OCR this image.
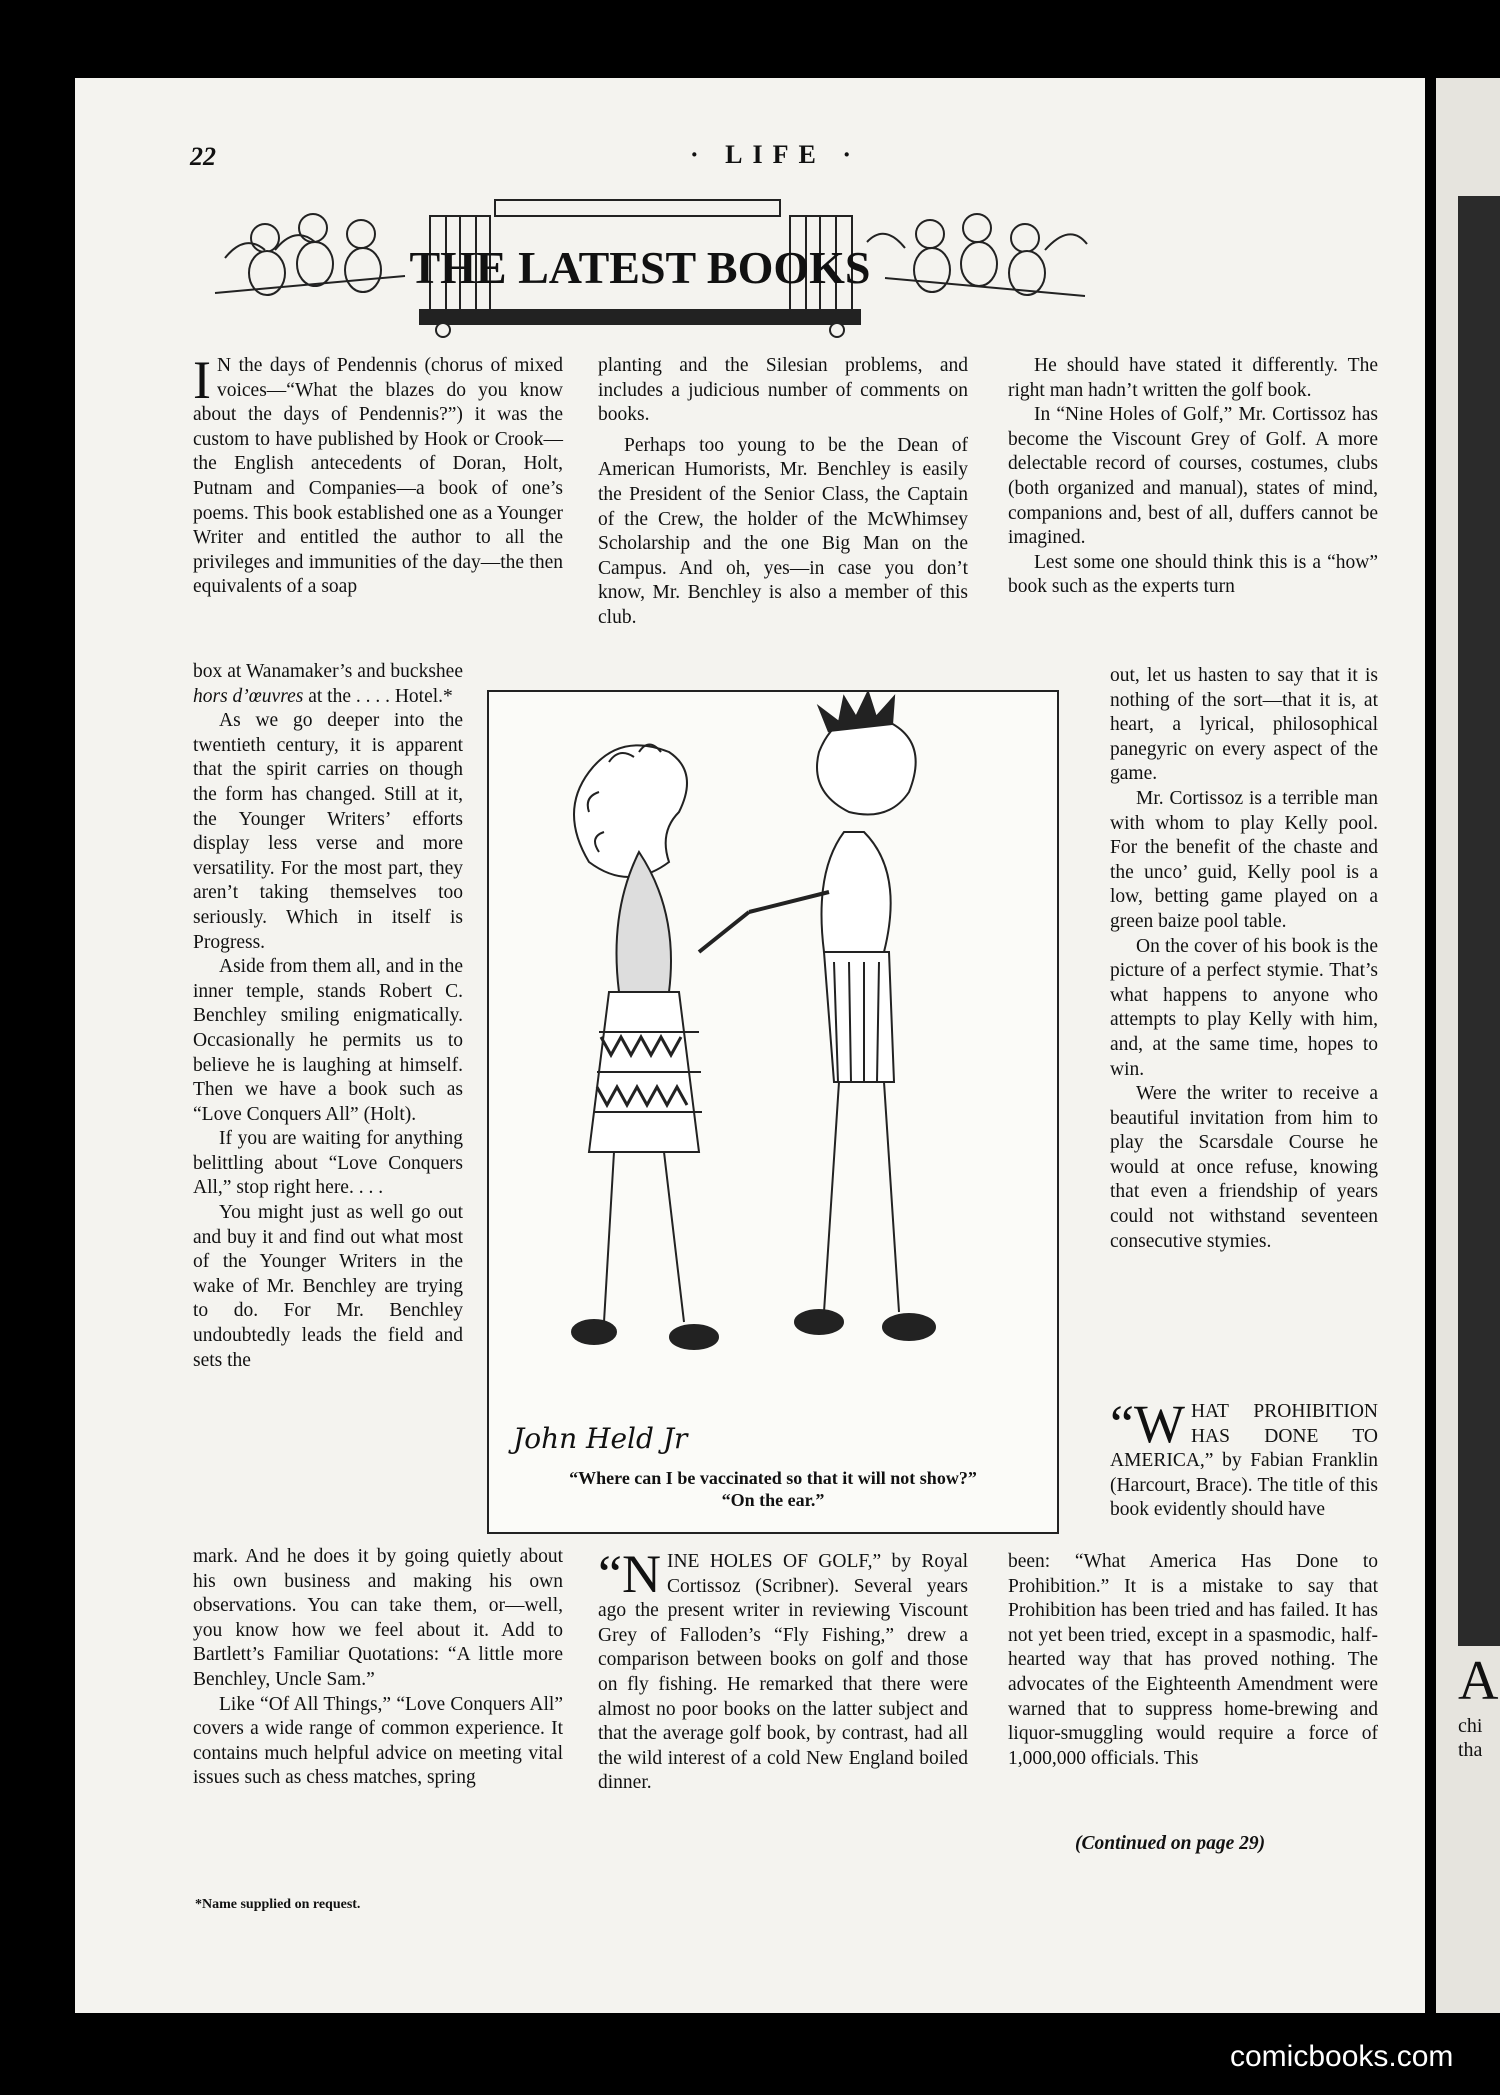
A
chi
tha
22	· LIFE ·
THE LATEST BOOKS

I N the days of Pendennis (chorus of mixed voices—“What the blazes do you know about the days of Pendennis?”) it was the custom to have published by Hook or Crook—the English antecedents of Doran, Holt, Putnam and Companies—a book of one’s poems. This book established one as a Younger Writer and entitled the author to all the privileges and immunities of the day—the then equivalents of a soap

box at Wanamaker’s and buckshee hors d’œuvres at the . . . . Hotel.*

As we go deeper into the twentieth century, it is apparent that the spirit carries on though the form has changed. Still at it, the Younger Writers’ efforts display less verse and more versatility. For the most part, they aren’t taking themselves too seriously. Which in itself is Progress.

Aside from them all, and in the inner temple, stands Robert C. Benchley smiling enigmatically. Occasionally he permits us to believe he is laughing at himself. Then we have a book such as “Love Conquers All” (Holt).

If you are waiting for anything belittling about “Love Conquers All,” stop right here. . . .

You might just as well go out and buy it and find out what most of the Younger Writers in the wake of Mr. Benchley are trying to do. For Mr. Benchley undoubtedly leads the field and sets the

mark. And he does it by going quietly about his own business and making his own observations. You can take them, or—well, you know how we feel about it. Add to Bartlett’s Familiar Quotations: “A little more Benchley, Uncle Sam.”

Like “Of All Things,” “Love Conquers All” covers a wide range of common experience. It contains much helpful advice on meeting vital issues such as chess matches, spring

planting and the Silesian problems, and includes a judicious number of comments on books.

Perhaps too young to be the Dean of American Humorists, Mr. Benchley is easily the President of the Senior Class, the Captain of the Crew, the holder of the McWhimsey Scholarship and the one Big Man on the Campus. And oh, yes—in case you don’t know, Mr. Benchley is also a member of this club.

“NINE HOLES OF GOLF,” by Royal Cortissoz (Scribner). Several years ago the present writer in reviewing Viscount Grey of Falloden’s “Fly Fishing,” drew a comparison between books on golf and those on fly fishing. He remarked that there were almost no poor books on the latter subject and that the average golf book, by contrast, had all the wild interest of a cold New England boiled dinner.

He should have stated it differently. The right man hadn’t written the golf book.

In “Nine Holes of Golf,” Mr. Cortissoz has become the Viscount Grey of Golf. A more delectable record of courses, costumes, clubs (both organized and manual), states of mind, companions and, best of all, duffers cannot be imagined.

Lest some one should think this is a “how” book such as the experts turn

out, let us hasten to say that it is nothing of the sort—that it is, at heart, a lyrical, philosophical panegyric on every aspect of the game.

Mr. Cortissoz is a terrible man with whom to play Kelly pool. For the benefit of the chaste and the unco’ guid, Kelly pool is a low, betting game played on a green baize pool table.

On the cover of his book is the picture of a perfect stymie. That’s what happens to anyone who attempts to play Kelly with him, and, at the same time, hopes to win.

Were the writer to receive a beautiful invitation from him to play the Scarsdale Course he would at once refuse, knowing that even a friendship of years could not withstand seventeen consecutive stymies.

“WHAT PROHIBITION HAS DONE TO AMERICA,” by Fabian Franklin (Harcourt, Brace). The title of this book evidently should have

been: “What America Has Done to Prohibition.” It is a mistake to say that Prohibition has been tried and has failed. It has not yet been tried, except in a spasmodic, half-hearted way that has proved nothing. The advocates of the Eighteenth Amendment were warned that to suppress home-brewing and liquor-smuggling would require a force of 1,000,000 officials. This

John Held Jr
“Where can I be vaccinated so that it will not show?”
“On the ear.”
*Name supplied on request.
(Continued on page 29)
comicbooks.com
